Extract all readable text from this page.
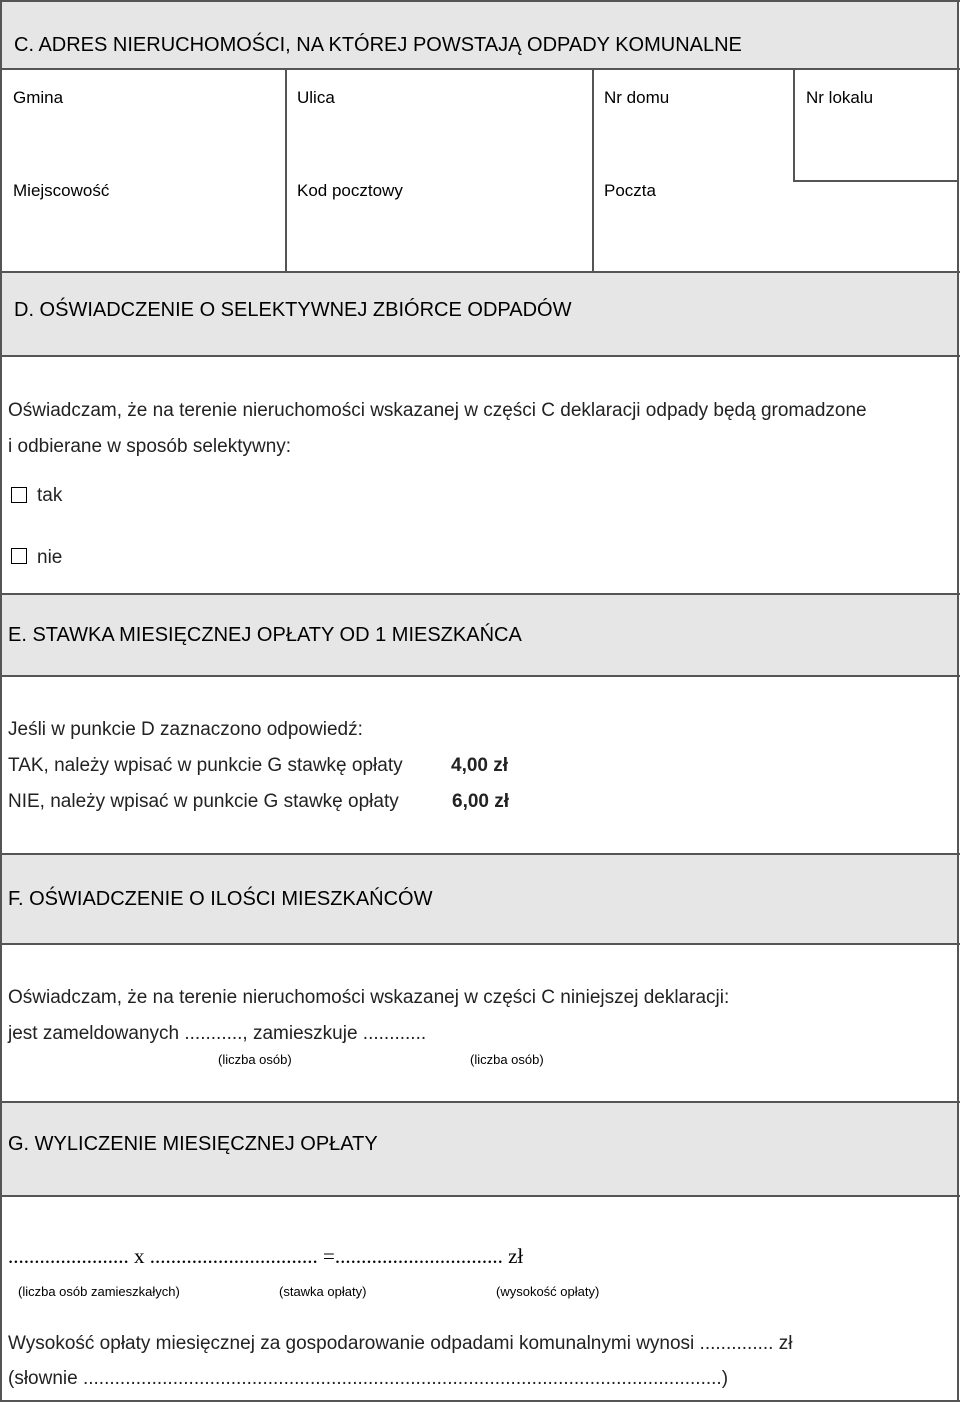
C. ADRES NIERUCHOMOŚCI, NA KTÓREJ POWSTAJĄ ODPADY KOMUNALNE
Gmina	Ulica	Nr domu	Nr lokalu
Miejscowość	Kod pocztowy	Poczta
D. OŚWIADCZENIE O SELEKTYWNEJ ZBIÓRCE ODPADÓW
Oświadczam, że na terenie nieruchomości wskazanej w części C deklaracji odpady będą gromadzone
i odbierane w sposób selektywny:
tak
nie
E. STAWKA MIESIĘCZNEJ OPŁATY OD 1 MIESZKAŃCA
Jeśli w punkcie D zaznaczono odpowiedź:
TAK, należy wpisać w punkcie G stawkę opłaty	4,00 zł
NIE, należy wpisać w punkcie G stawkę opłaty	6,00 zł
F. OŚWIADCZENIE O ILOŚCI MIESZKAŃCÓW
Oświadczam, że na terenie nieruchomości wskazanej w części C niniejszej deklaracji:
jest zameldowanych ..........., zamieszkuje ............
(liczba osób)	(liczba osób)
G. WYLICZENIE MIESIĘCZNEJ OPŁATY
....................... x ................................ =................................ zł
(liczba osób zamieszkałych)	(stawka opłaty)	(wysokość opłaty)
Wysokość opłaty miesięcznej za gospodarowanie odpadami komunalnymi wynosi .............. zł
(słownie .........................................................................................................................)
